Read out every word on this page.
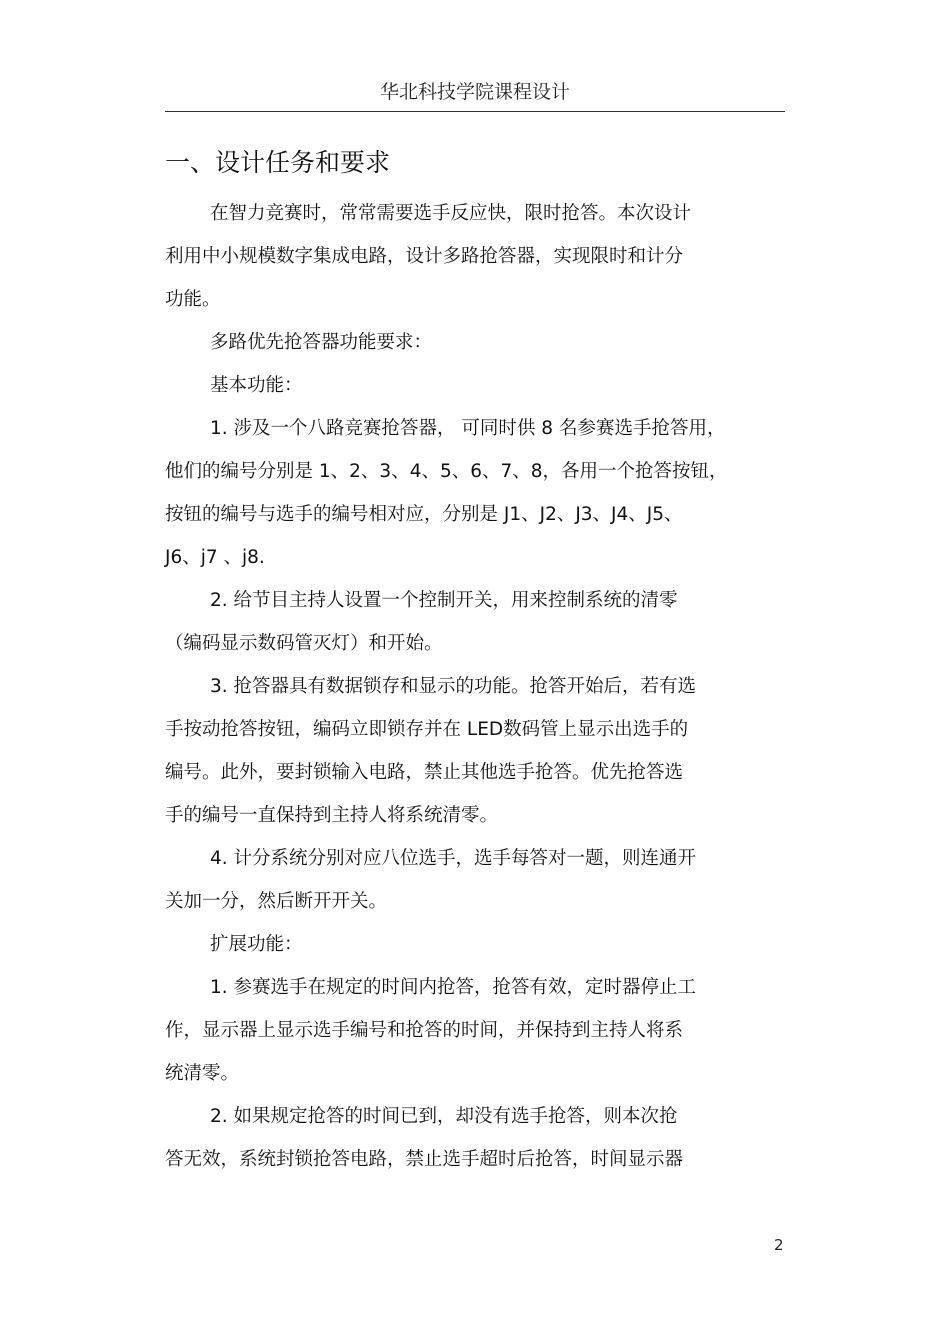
华北科技学院课程设计
一、设计任务和要求
在智力竞赛时，常常需要选手反应快，限时抢答。本次设计
利用中小规模数字集成电路，设计多路抢答器，实现限时和计分
功能。
多路优先抢答器功能要求：
基本功能：
1. 涉及一个八路竞赛抢答器， 可同时供 8 名参赛选手抢答用，
他们的编号分别是 1、2、3、4、5、6、7、8，各用一个抢答按钮，
按钮的编号与选手的编号相对应，分别是 J1、J2、J3、J4、J5、
J6、j7 、j8.
2. 给节目主持人设置一个控制开关，用来控制系统的清零
（编码显示数码管灭灯）和开始。
3. 抢答器具有数据锁存和显示的功能。抢答开始后，若有选
手按动抢答按钮，编码立即锁存并在 LED数码管上显示出选手的
编号。此外，要封锁输入电路，禁止其他选手抢答。优先抢答选
手的编号一直保持到主持人将系统清零。
4. 计分系统分别对应八位选手，选手每答对一题，则连通开
关加一分，然后断开开关。
扩展功能：
1. 参赛选手在规定的时间内抢答，抢答有效，定时器停止工
作，显示器上显示选手编号和抢答的时间，并保持到主持人将系
统清零。
2. 如果规定抢答的时间已到，却没有选手抢答，则本次抢
答无效，系统封锁抢答电路，禁止选手超时后抢答，时间显示器
2
